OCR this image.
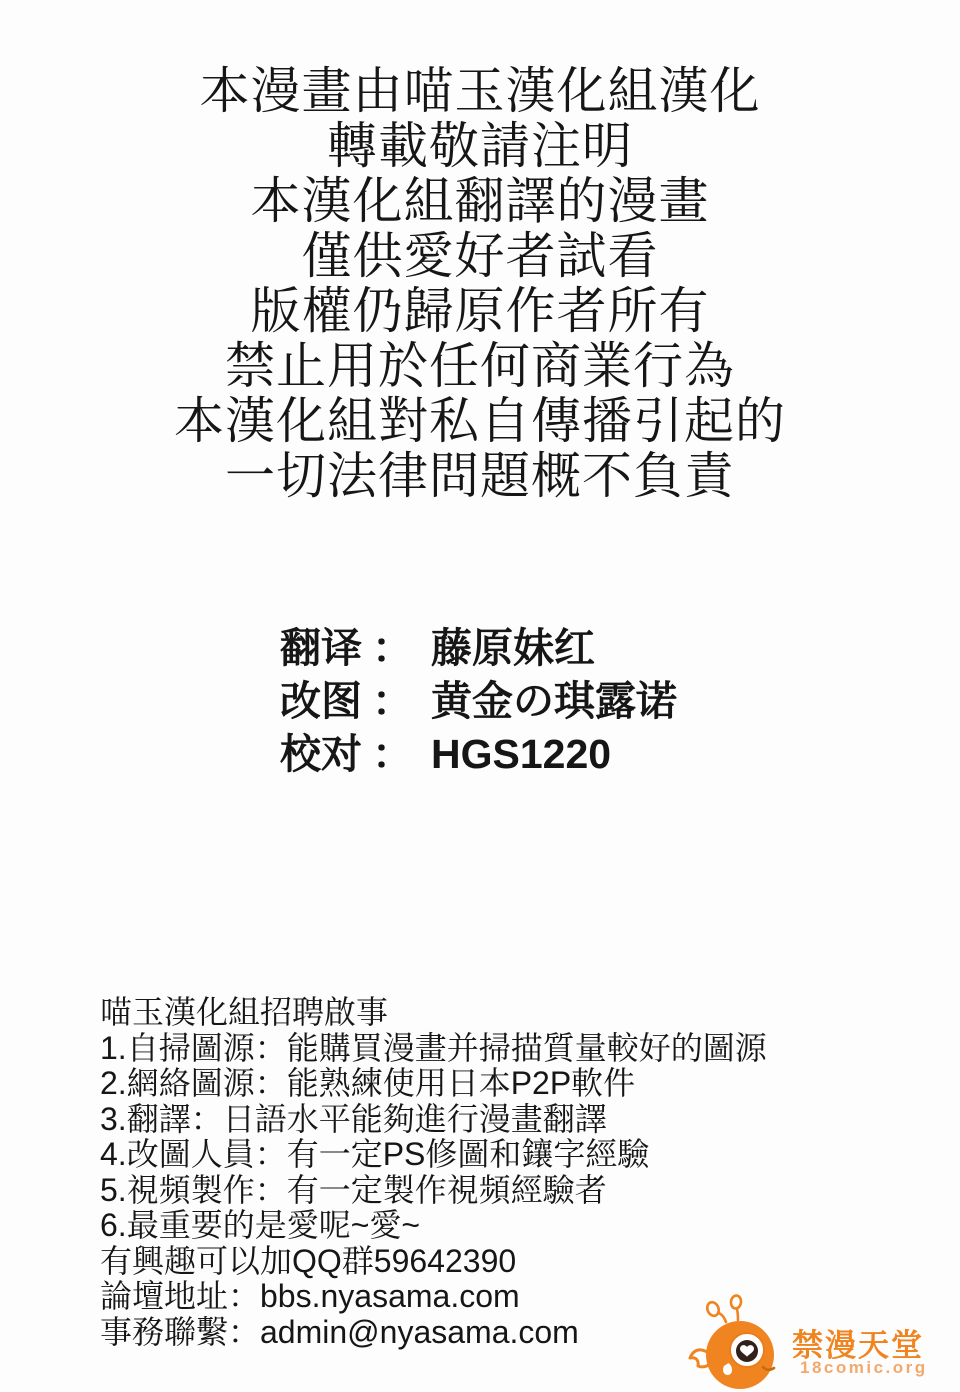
本漫畫由喵玉漢化組漢化
轉載敬請注明
本漢化組翻譯的漫畫
僅供愛好者試看
版權仍歸原作者所有
禁止用於任何商業行為
本漢化組對私自傳播引起的
一切法律問題概不負責
翻译 ： 藤原妹红
改图 ： 黄金の琪露诺
校对 ： HGS1220
喵玉漢化組招聘啟事
1.自掃圖源：能購買漫畫并掃描質量較好的圖源
2.網絡圖源：能熟練使用日本P2P軟件
3.翻譯：日語水平能夠進行漫畫翻譯
4.改圖人員：有一定PS修圖和鑲字經驗
5.視頻製作：有一定製作視頻經驗者
6.最重要的是愛呢~愛~
有興趣可以加QQ群59642390
論壇地址：bbs.nyasama.com
事務聯繫：admin@nyasama.com	禁漫天堂
18comic.org
